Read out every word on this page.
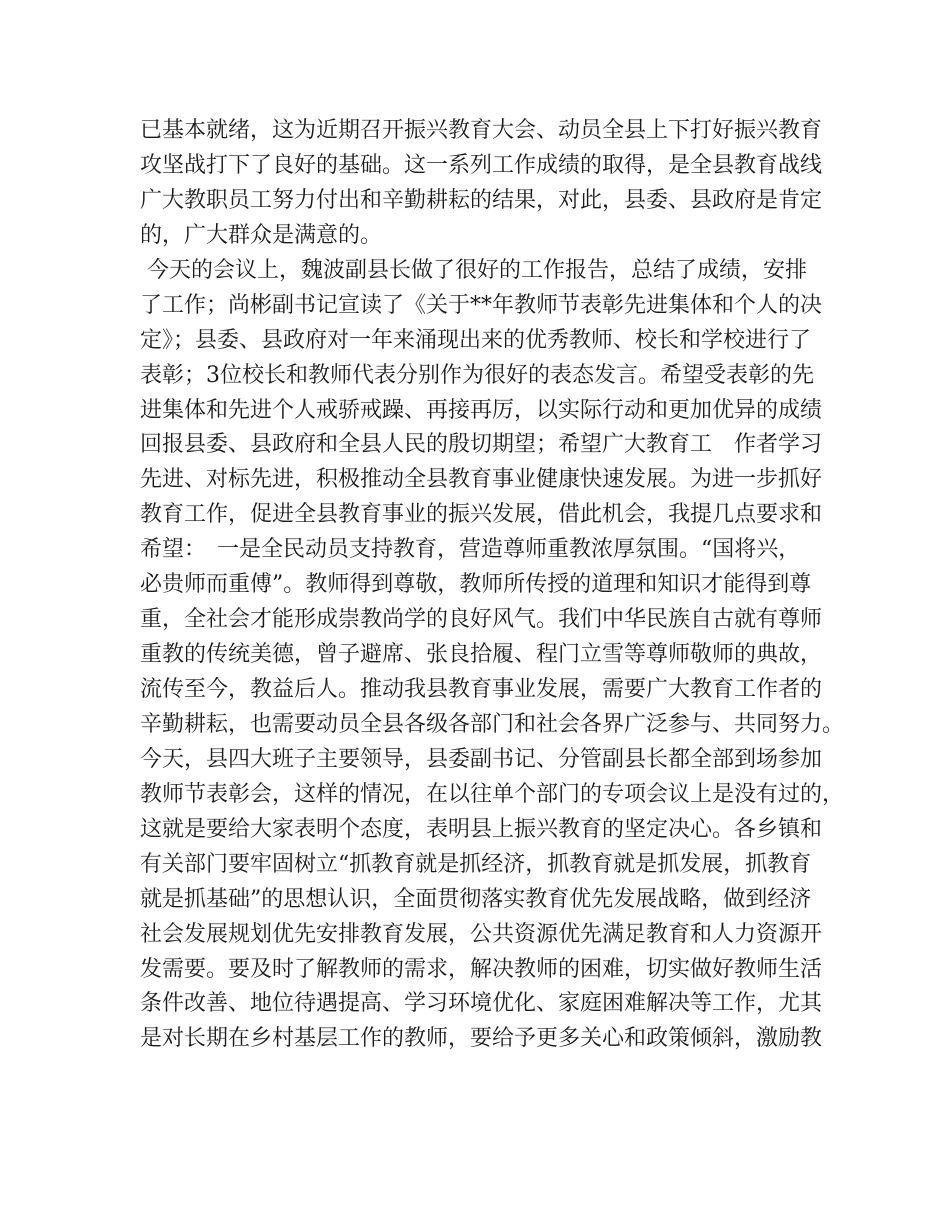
已基本就绪，这为近期召开振兴教育大会、动员全县上下打好振兴教育
攻坚战打下了良好的基础。这一系列工作成绩的取得，是全县教育战线
广大教职员工努力付出和辛勤耕耘的结果，对此，县委、县政府是肯定
的，广大群众是满意的。
今天的会议上，魏波副县长做了很好的工作报告，总结了成绩，安排
了工作；尚彬副书记宣读了《关于**年教师节表彰先进集体和个人的决
定》；县委、县政府对一年来涌现出来的优秀教师、校长和学校进行了
表彰；3位校长和教师代表分别作为很好的表态发言。希望受表彰的先
进集体和先进个人戒骄戒躁、再接再厉，以实际行动和更加优异的成绩
回报县委、县政府和全县人民的殷切期望；希望广大教育工　作者学习
先进、对标先进，积极推动全县教育事业健康快速发展。为进一步抓好
教育工作，促进全县教育事业的振兴发展，借此机会，我提几点要求和
希望：　一是全民动员支持教育，营造尊师重教浓厚氛围。“国将兴，
必贵师而重傅”。教师得到尊敬，教师所传授的道理和知识才能得到尊
重，全社会才能形成崇教尚学的良好风气。我们中华民族自古就有尊师
重教的传统美德，曾子避席、张良拾履、程门立雪等尊师敬师的典故，
流传至今，教益后人。推动我县教育事业发展，需要广大教育工作者的
辛勤耕耘，也需要动员全县各级各部门和社会各界广泛参与、共同努力。
今天，县四大班子主要领导，县委副书记、分管副县长都全部到场参加
教师节表彰会，这样的情况，在以往单个部门的专项会议上是没有过的，
这就是要给大家表明个态度，表明县上振兴教育的坚定决心。各乡镇和
有关部门要牢固树立“抓教育就是抓经济，抓教育就是抓发展，抓教育
就是抓基础”的思想认识，全面贯彻落实教育优先发展战略，做到经济
社会发展规划优先安排教育发展，公共资源优先满足教育和人力资源开
发需要。要及时了解教师的需求，解决教师的困难，切实做好教师生活
条件改善、地位待遇提高、学习环境优化、家庭困难解决等工作，尤其
是对长期在乡村基层工作的教师，要给予更多关心和政策倾斜，激励教
